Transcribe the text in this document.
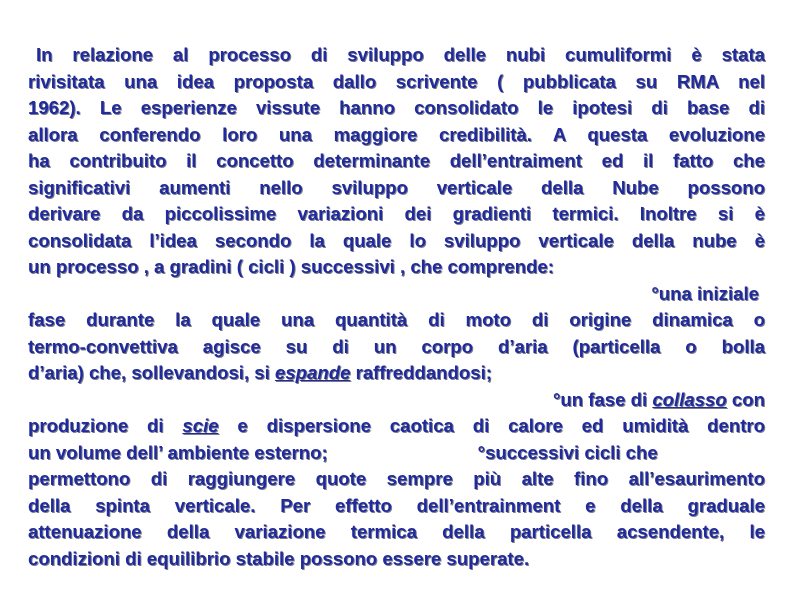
In relazione al processo di sviluppo delle nubi cumuliformi è stata
rivisitata una idea proposta dallo scrivente ( pubblicata su RMA nel
1962). Le esperienze vissute hanno consolidato le ipotesi di base di
allora conferendo loro una maggiore credibilità. A questa evoluzione
ha contribuito il concetto determinante dell’entraiment ed il fatto che
significativi aumenti nello sviluppo verticale della Nube possono
derivare da piccolissime variazioni dei gradienti termici. Inoltre si è
consolidata l’idea secondo la quale lo sviluppo verticale della nube è
un processo , a gradini ( cicli ) successivi , che comprende:
°una iniziale
fase durante la quale una quantità di moto di origine dinamica o
termo-convettiva agisce su di un corpo d’aria (particella o bolla
d’aria) che, sollevandosi, si espande raffreddandosi;
°un fase di collasso con
produzione di scie e dispersione caotica di calore ed umidità dentro
un volume dell’ ambiente esterno;	°successivi cicli che
permettono di raggiungere quote sempre più alte fino all’esaurimento
della spinta verticale. Per effetto dell’entrainment e della graduale
attenuazione della variazione termica della particella acsendente, le
condizioni di equilibrio stabile possono essere superate.
